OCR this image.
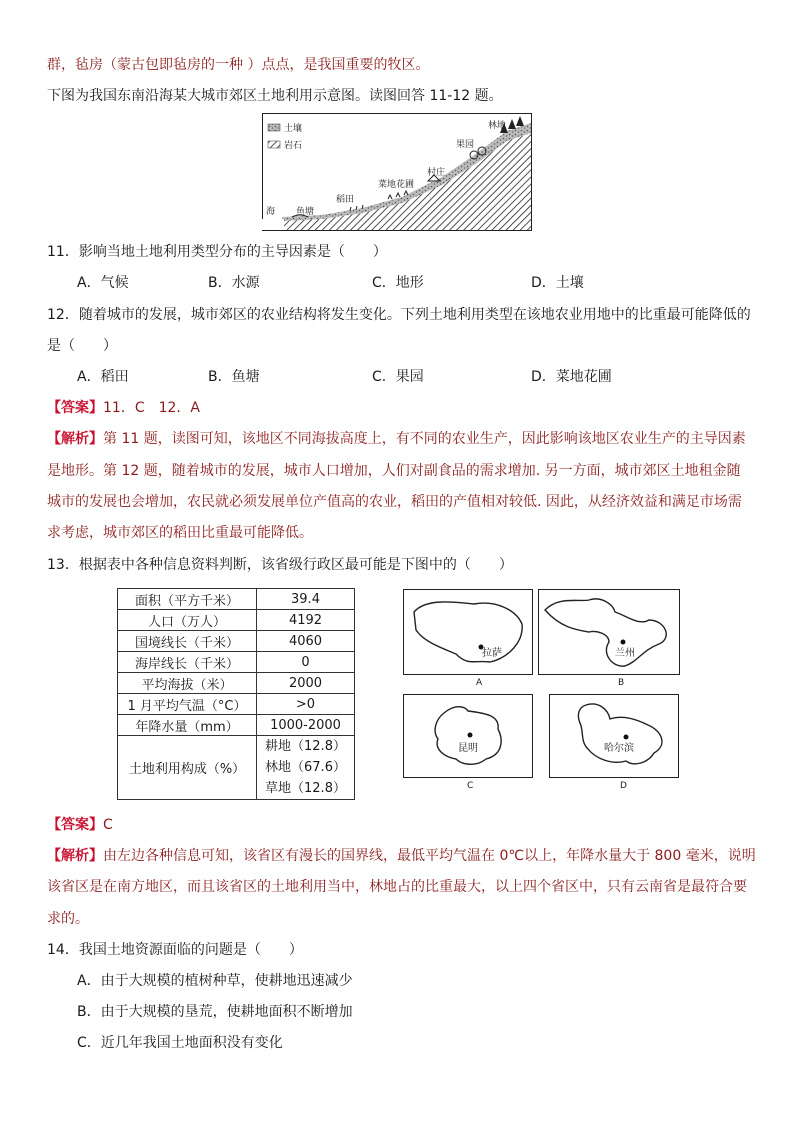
群，毡房（蒙古包即毡房的一种 ）点点，是我国重要的牧区。
下图为我国东南沿海某大城市郊区土地利用示意图。读图回答 11-12 题。
土壤
岩石
海 鱼塘
稻田
菜地花圃
村庄
果园
林地
11．影响当地土地利用类型分布的主导因素是（　　）
A．气候	B．水源	C．地形	D．土壤
12．随着城市的发展，城市郊区的农业结构将发生变化。下列土地利用类型在该地农业用地中的比重最可能降低的
是（　　）
A．稻田	B．鱼塘	C．果园	D．菜地花圃
【答案】11．C　12．A
【解析】第 11 题，读图可知，该地区不同海拔高度上，有不同的农业生产，因此影响该地区农业生产的主导因素
是地形。第 12 题，随着城市的发展，城市人口增加，人们对副食品的需求增加. 另一方面，城市郊区土地租金随
城市的发展也会增加，农民就必须发展单位产值高的农业，稻田的产值相对较低. 因此，从经济效益和满足市场需
求考虑，城市郊区的稻田比重最可能降低。
13．根据表中各种信息资料判断，该省级行政区最可能是下图中的（　　）
面积（平方千米）	39.4
人口（万人）	4192
国境线长（千米）	4060
海岸线长（千米）	0
平均海拔（米）	2000
1 月平均气温（°C）	>0
年降水量（mm）	1000-2000
土地利用构成（%）	耕地（12.8）
林地（67.6）
草地（12.8）
拉萨
A
兰州
B
昆明
C
哈尔滨
D
【答案】C
【解析】由左边各种信息可知，该省区有漫长的国界线，最低平均气温在 0℃以上，年降水量大于 800 毫米，说明
该省区是在南方地区，而且该省区的土地利用当中，林地占的比重最大，以上四个省区中，只有云南省是最符合要
求的。
14．我国土地资源面临的问题是（　　）
A．由于大规模的植树种草，使耕地迅速减少
B．由于大规模的垦荒，使耕地面积不断增加
C．近几年我国土地面积没有变化
